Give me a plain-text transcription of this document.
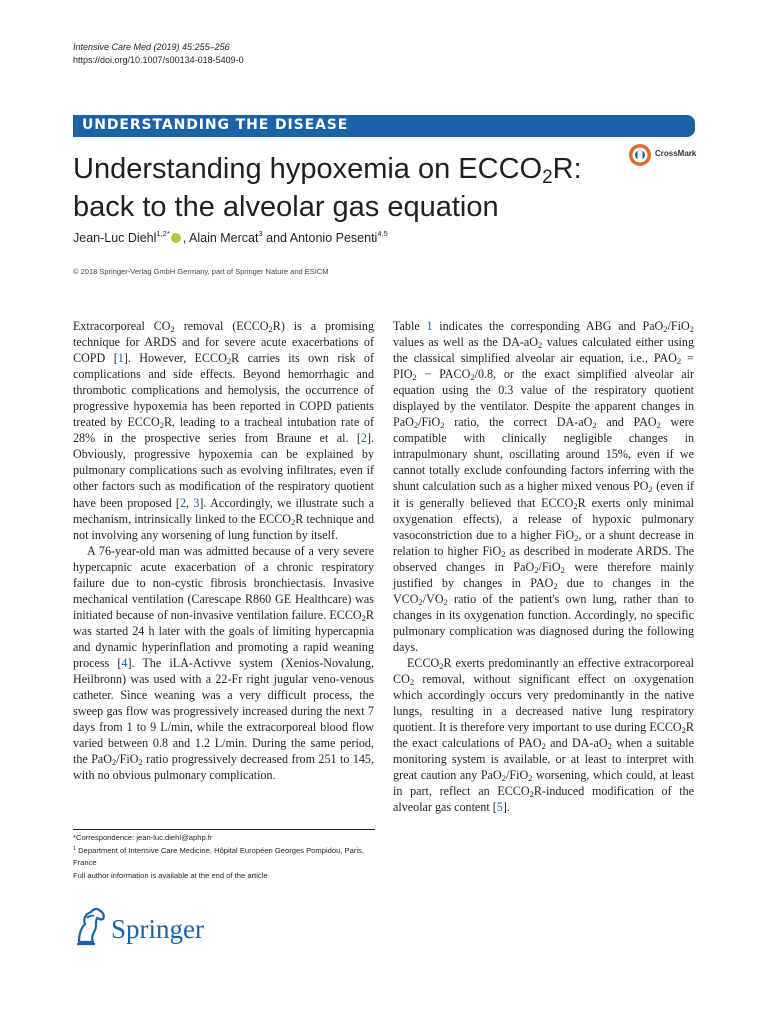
Intensive Care Med (2019) 45:255–256
https://doi.org/10.1007/s00134-018-5409-0
UNDERSTANDING THE DISEASE
Understanding hypoxemia on $ECCO_2R$: back to the alveolar gas equation
CrossMark
Jean-Luc Diehl$^{1,2*}$ , Alain Mercat$^3$ and Antonio Pesenti$^{4,5}$
© 2018 Springer-Verlag GmbH Germany, part of Springer Nature and ESICM

Extracorporeal $CO_2$ removal $(ECCO_2R)$ is a promising technique for ARDS and for severe acute exacerbations of COPD [1]. However, $ECCO_2R$ carries its own risk of complications and side effects. Beyond hemorrhagic and thrombotic complications and hemolysis, the occurrence of progressive hypoxemia has been reported in COPD patients treated by $ECCO_2R$, leading to a tracheal intubation rate of 28% in the prospective series from Braune et al. [2]. Obviously, progressive hypoxemia can be explained by pulmonary complications such as evolving infiltrates, even if other factors such as modification of the respiratory quotient have been proposed [2, 3]. Accordingly, we illustrate such a mechanism, intrinsically linked to the $ECCO_2R$ technique and not involving any worsening of lung function by itself.

A 76-year-old man was admitted because of a very severe hypercapnic acute exacerbation of a chronic respiratory failure due to non-cystic fibrosis bronchiectasis. Invasive mechanical ventilation (Carescape R860 GE Healthcare) was initiated because of non-invasive ventilation failure. $ECCO_2R$ was started 24 h later with the goals of limiting hypercapnia and dynamic hyperinflation and promoting a rapid weaning process [4]. The iLA-Activve system (Xenios-Novalung, Heilbronn) was used with a 22-Fr right jugular veno-venous catheter. Since weaning was a very difficult process, the sweep gas flow was progressively increased during the next 7 days from 1 to 9 L/min, while the extracorporeal blood flow varied between 0.8 and 1.2 L/min. During the same period, the PaO$_2$/FiO$_2$ ratio progressively decreased from 251 to 145, with no obvious pulmonary complication.

Table 1 indicates the corresponding ABG and PaO$_2$/FiO$_2$ values as well as the $DA-aO_2$ values calculated either using the classical simplified alveolar air equation, i.e., $PAO_2 = PIO_2$ − $PACO_2/0.8$, or the exact simplified alveolar air equation using the 0.3 value of the respiratory quotient displayed by the ventilator. Despite the apparent changes in PaO$_2$/FiO$_2$ ratio, the correct $DA-aO_2$ and $PAO_2$ were compatible with clinically negligible changes in intrapulmonary shunt, oscillating around 15%, even if we cannot totally exclude confounding factors inferring with the shunt calculation such as a higher mixed venous $PO_2$ (even if it is generally believed that $ECCO_2R$ exerts only minimal oxygenation effects), a release of hypoxic pulmonary vasoconstriction due to a higher FiO$_2$, or a shunt decrease in relation to higher FiO$_2$ as described in moderate ARDS. The observed changes in PaO$_2$/FiO$_2$ were therefore mainly justified by changes in $PAO_2$ due to changes in the $VCO_2/VO_2$ ratio of the patient's own lung, rather than to changes in its oxygenation function. Accordingly, no specific pulmonary complication was diagnosed during the following days.

$ECCO_2R$ exerts predominantly an effective extracorporeal $CO_2$ removal, without significant effect on oxygenation which accordingly occurs very predominantly in the native lungs, resulting in a decreased native lung respiratory quotient. It is therefore very important to use during $ECCO_2R$ the exact calculations of $PAO_2$ and $DA-aO_2$ when a suitable monitoring system is available, or at least to interpret with great caution any PaO$_2$/FiO$_2$ worsening, which could, at least in part, reflect an $ECCO_2R$-induced modification of the alveolar gas content [5].

*Correspondence: jean-luc.diehl@aphp.fr
$^1$ Department of Intensive Care Medicine, Hôpital Européen Georges Pompidou, Paris, France
Full author information is available at the end of the article
Springer
